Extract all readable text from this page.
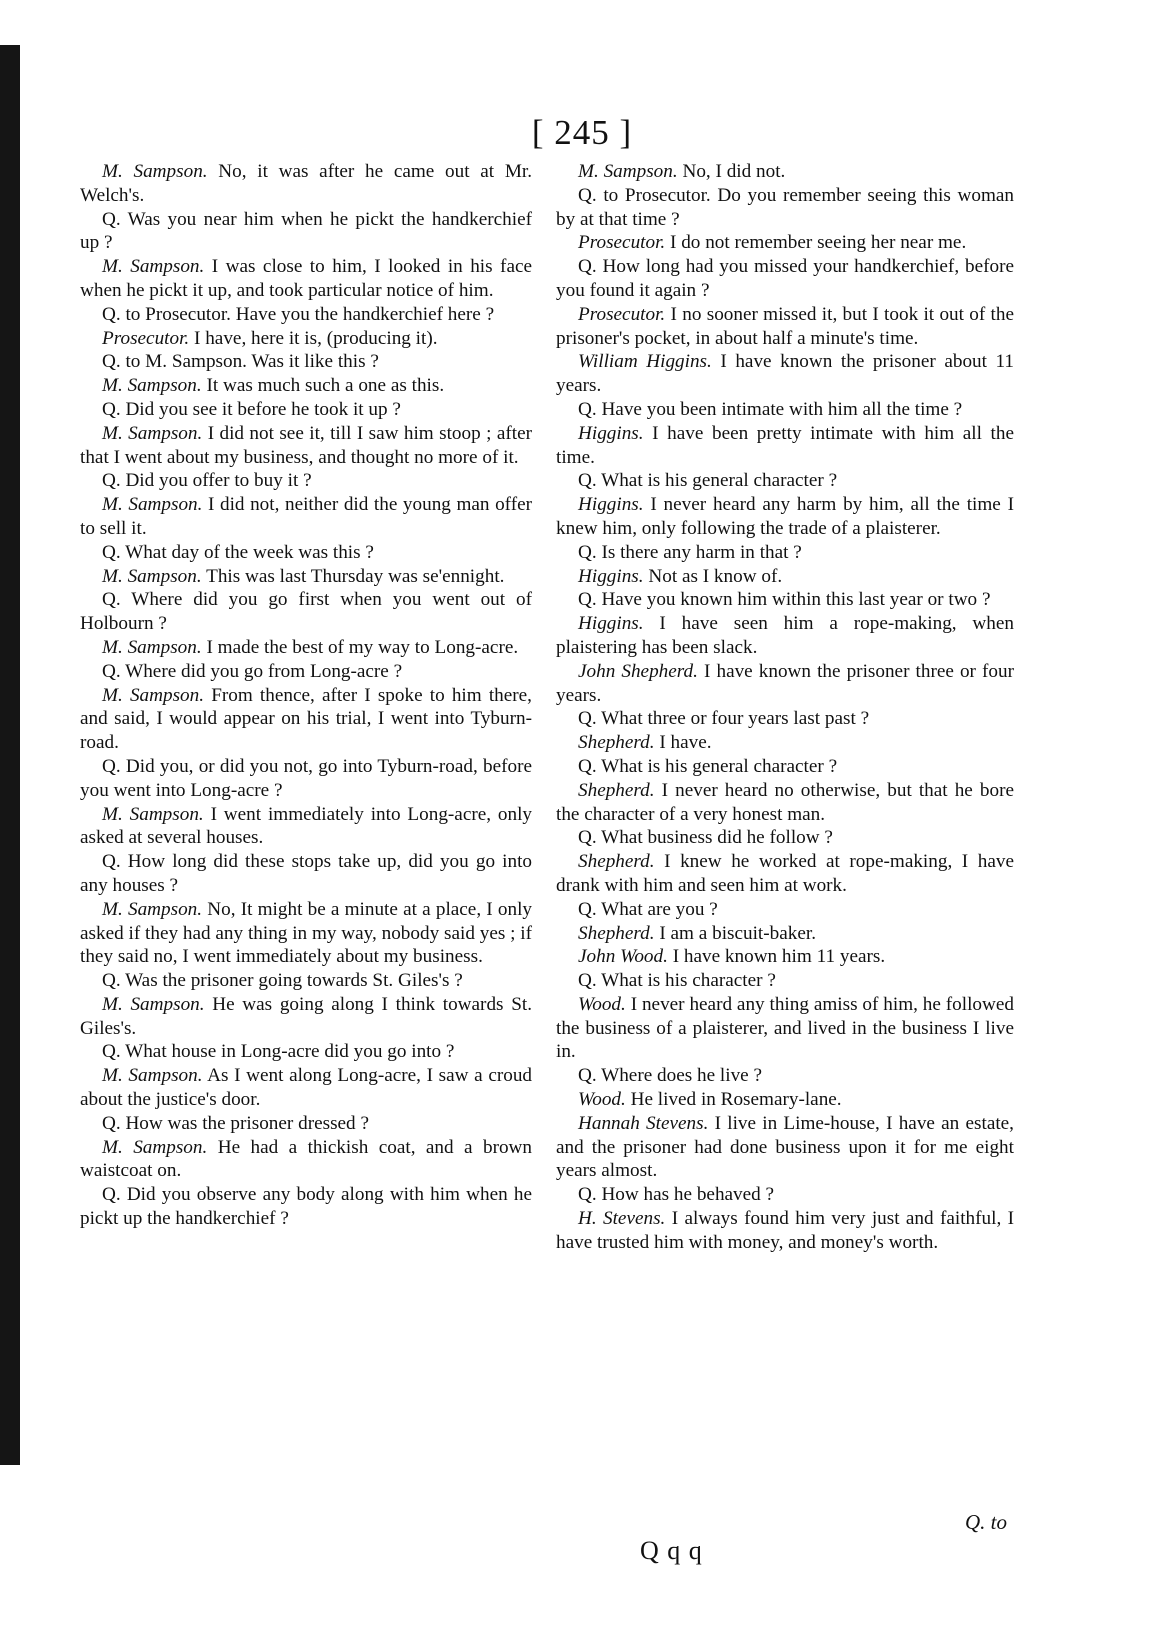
[ 245 ]

M. Sampson. No, it was after he came out at Mr. Welch's.

Q. Was you near him when he pickt the handkerchief up ?

M. Sampson. I was close to him, I looked in his face when he pickt it up, and took particular notice of him.

Q. to Prosecutor. Have you the handkerchief here ?

Prosecutor. I have, here it is, (producing it).

Q. to M. Sampson. Was it like this ?

M. Sampson. It was much such a one as this.

Q. Did you see it before he took it up ?

M. Sampson. I did not see it, till I saw him stoop ; after that I went about my business, and thought no more of it.

Q. Did you offer to buy it ?

M. Sampson. I did not, neither did the young man offer to sell it.

Q. What day of the week was this ?

M. Sampson. This was last Thursday was se'ennight.

Q. Where did you go first when you went out of Holbourn ?

M. Sampson. I made the best of my way to Long-acre.

Q. Where did you go from Long-acre ?

M. Sampson. From thence, after I spoke to him there, and said, I would appear on his trial, I went into Tyburn-road.

Q. Did you, or did you not, go into Tyburn-road, before you went into Long-acre ?

M. Sampson. I went immediately into Long-acre, only asked at several houses.

Q. How long did these stops take up, did you go into any houses ?

M. Sampson. No, It might be a minute at a place, I only asked if they had any thing in my way, nobody said yes ; if they said no, I went immediately about my business.

Q. Was the prisoner going towards St. Giles's ?

M. Sampson. He was going along I think towards St. Giles's.

Q. What house in Long-acre did you go into ?

M. Sampson. As I went along Long-acre, I saw a croud about the justice's door.

Q. How was the prisoner dressed ?

M. Sampson. He had a thickish coat, and a brown waistcoat on.

Q. Did you observe any body along with him when he pickt up the handkerchief ?

M. Sampson. No, I did not.

Q. to Prosecutor. Do you remember seeing this woman by at that time ?

Prosecutor. I do not remember seeing her near me.

Q. How long had you missed your handkerchief, before you found it again ?

Prosecutor. I no sooner missed it, but I took it out of the prisoner's pocket, in about half a minute's time.

William Higgins. I have known the prisoner about 11 years.

Q. Have you been intimate with him all the time ?

Higgins. I have been pretty intimate with him all the time.

Q. What is his general character ?

Higgins. I never heard any harm by him, all the time I knew him, only following the trade of a plaisterer.

Q. Is there any harm in that ?

Higgins. Not as I know of.

Q. Have you known him within this last year or two ?

Higgins. I have seen him a rope-making, when plaistering has been slack.

John Shepherd. I have known the prisoner three or four years.

Q. What three or four years last past ?

Shepherd. I have.

Q. What is his general character ?

Shepherd. I never heard no otherwise, but that he bore the character of a very honest man.

Q. What business did he follow ?

Shepherd. I knew he worked at rope-making, I have drank with him and seen him at work.

Q. What are you ?

Shepherd. I am a biscuit-baker.

John Wood. I have known him 11 years.

Q. What is his character ?

Wood. I never heard any thing amiss of him, he followed the business of a plaisterer, and lived in the business I live in.

Q. Where does he live ?

Wood. He lived in Rosemary-lane.

Hannah Stevens. I live in Lime-house, I have an estate, and the prisoner had done business upon it for me eight years almost.

Q. How has he behaved ?

H. Stevens. I always found him very just and faithful, I have trusted him with money, and money's worth.

Q. to
Q q q
